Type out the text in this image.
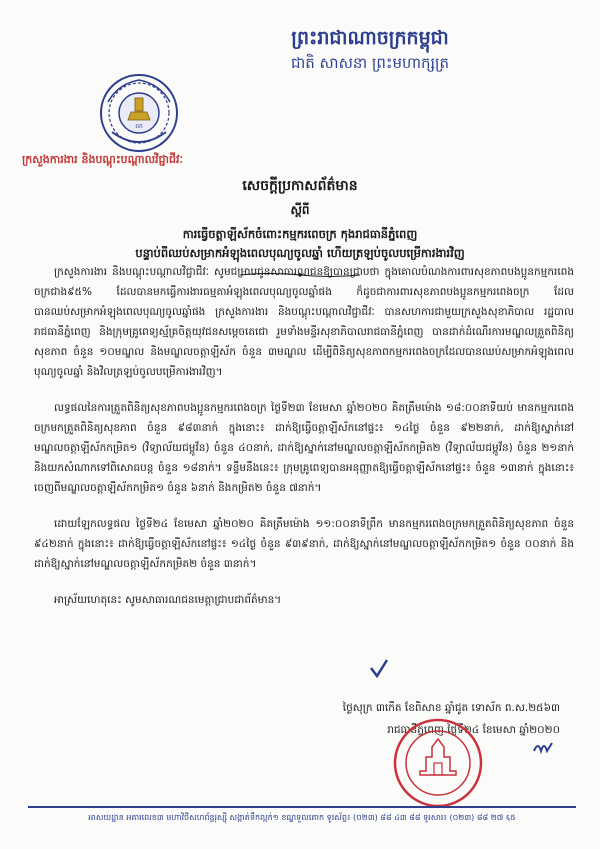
ព្រះរាជាណាចក្រកម្ពុជា
ជាតិ សាសនា ព្រះមហាក្សត្រ
ពក
ក្រសួងការងារ និងបណ្តុះបណ្តាលវិជ្ជាជីវៈ
សេចក្តីប្រកាសព័ត៌មាន
ស្តីពី
ការធ្វើចត្តាឡីស័កចំពោះកម្មករពេចក្រ កុងរាជធានីភ្នំពេញ
បន្ទាប់ពីឈប់សម្រាកអំឡុងពេលបុណ្យចូលឆ្នាំ ហើយត្រឡប់ចូលបម្រើការងារវិញ

ក្រសួងការងារ និងបណ្តុះបណ្តាលវិជ្ជាជីវៈ សូមជម្រាបជូនសាធារណជនឱ្យបានជ្រាបថា ក្នុងគោលបំណងការពារសុខភាពបងប្អូនកម្មករពេងចក្រជាង៩៥% ដែលបានមកធ្វើការងារធម្មតាអំឡុងពេលបុណ្យចូលឆ្នាំផង ក៏ដូចជាការពារសុខភាពបងប្អូនកម្មករពេងចក្រ ដែលបានឈប់សម្រាកអំឡុងពេលបុណ្យចូលឆ្នាំផង ក្រសួងការងារ និងបណ្តុះបណ្តាលវិជ្ជាជីវៈ បានសហការជាមួយក្រសួងសុខាភិបាល រដ្ឋបាលរាជធានីភ្នំពេញ និងក្រុមគ្រូពេទ្យស្ម័គ្រចិត្តយុវជនសម្តេចតេជោ រួមទាំងមន្ទីរសុខាភិបាលរាជធានីភ្នំពេញ បានដាក់ដំណើរការមណ្ឌលត្រួតពិនិត្យសុខភាព ចំនួន ១០មណ្ឌល និងមណ្ឌលចត្តាឡីស័ក ចំនួន ៣មណ្ឌល ដើម្បីពិនិត្យសុខភាពកម្មករពេងចក្រដែលបានឈប់សម្រាកអំឡុងពេលបុណ្យចូលឆ្នាំ និងវិលត្រឡប់ចូលបម្រើការងារវិញ។

លទ្ធផលនៃការត្រួតពិនិត្យសុខភាពបងប្អូនកម្មករពេងចក្រ ថ្ងៃទី២៣ ខែមេសា ឆ្នាំ២០២០ គិតត្រឹមម៉ោង ១៨:០០នាទីយប់ មានកម្មករពេងចក្រមកត្រួតពិនិត្យសុខភាព ចំនួន ៩៨៣នាក់ ក្នុងនោះ៖ ដាក់ឱ្យធ្វើចត្តាឡីស័កនៅផ្ទះ៖ ១៤ថ្ងៃ ចំនួន ៩២២នាក់, ដាក់ឱ្យស្នាក់នៅមណ្ឌលចត្តាឡីស័កកម្រិត១ (វិទ្យាល័យជម្ពូវ័ន) ចំនួន ៤០នាក់, ដាក់ឱ្យស្នាក់នៅមណ្ឌលចត្តាឡីស័កកម្រិត២ (វិទ្យាល័យជម្ពូវ័ន) ចំនួន ២១នាក់ និងយកសំណាកទៅពិសោធបន្ត ចំនួន ១៨នាក់។ ទន្ទឹមនឹងនេះ៖ ក្រុមគ្រូពេទ្យបានអនុញ្ញាតឱ្យធ្វើចត្តាឡីស័កនៅផ្ទះ៖ ចំនួន ១៣នាក់ ក្នុងនោះ៖ ចេញពីមណ្ឌលចត្តាឡីស័កកម្រិត១ ចំនួន ៦នាក់ និងកម្រិត២ ចំនួន ៧នាក់។

ដោយឡែកលទ្ធផល ថ្ងៃទី២៤ ខែមេសា ឆ្នាំ២០២០ គិតត្រឹមម៉ោង ១១:០០នាទីព្រឹក មានកម្មករពេងចក្រមកត្រួតពិនិត្យសុខភាព ចំនួន ៩៤២នាក់ ក្នុងនោះ៖ ដាក់ឱ្យធ្វើចត្តាឡីស័កនៅផ្ទះ៖ ១៤ថ្ងៃ ចំនួន ៩៣៩នាក់, ដាក់ឱ្យស្នាក់នៅមណ្ឌលចត្តាឡីស័កកម្រិត១ ចំនួន ០០នាក់ និងដាក់ឱ្យស្នាក់នៅមណ្ឌលចត្តាឡីស័កកម្រិត២ ចំនួន ៣នាក់។

អាស្រ័យហេតុនេះ សូមសាធារណជនមេត្តាជ្រាបជាព័ត៌មាន។

ថ្ងៃសុក្រ ៣កើត ខែពិសាខ ឆ្នាំជូត ទោស័ក ព.ស.២៥៦៣
រាជធានីភ្នំពេញ ថ្ងៃទី២៤ ខែមេសា ឆ្នាំ២០២០
អាសយដ្ឋាន អគារលេខ៣ មហាវិថីសហព័ន្ធរុស្ស៊ី សង្កាត់ទឹកល្អក់១ ខណ្ឌទួលគោក ទូរស័ព្ទ៖ (០២៣) ៨៨ ៤៣ ៨៨ ទូរសារ៖ (០២៣) ៨៨ ២៧ ६៥
